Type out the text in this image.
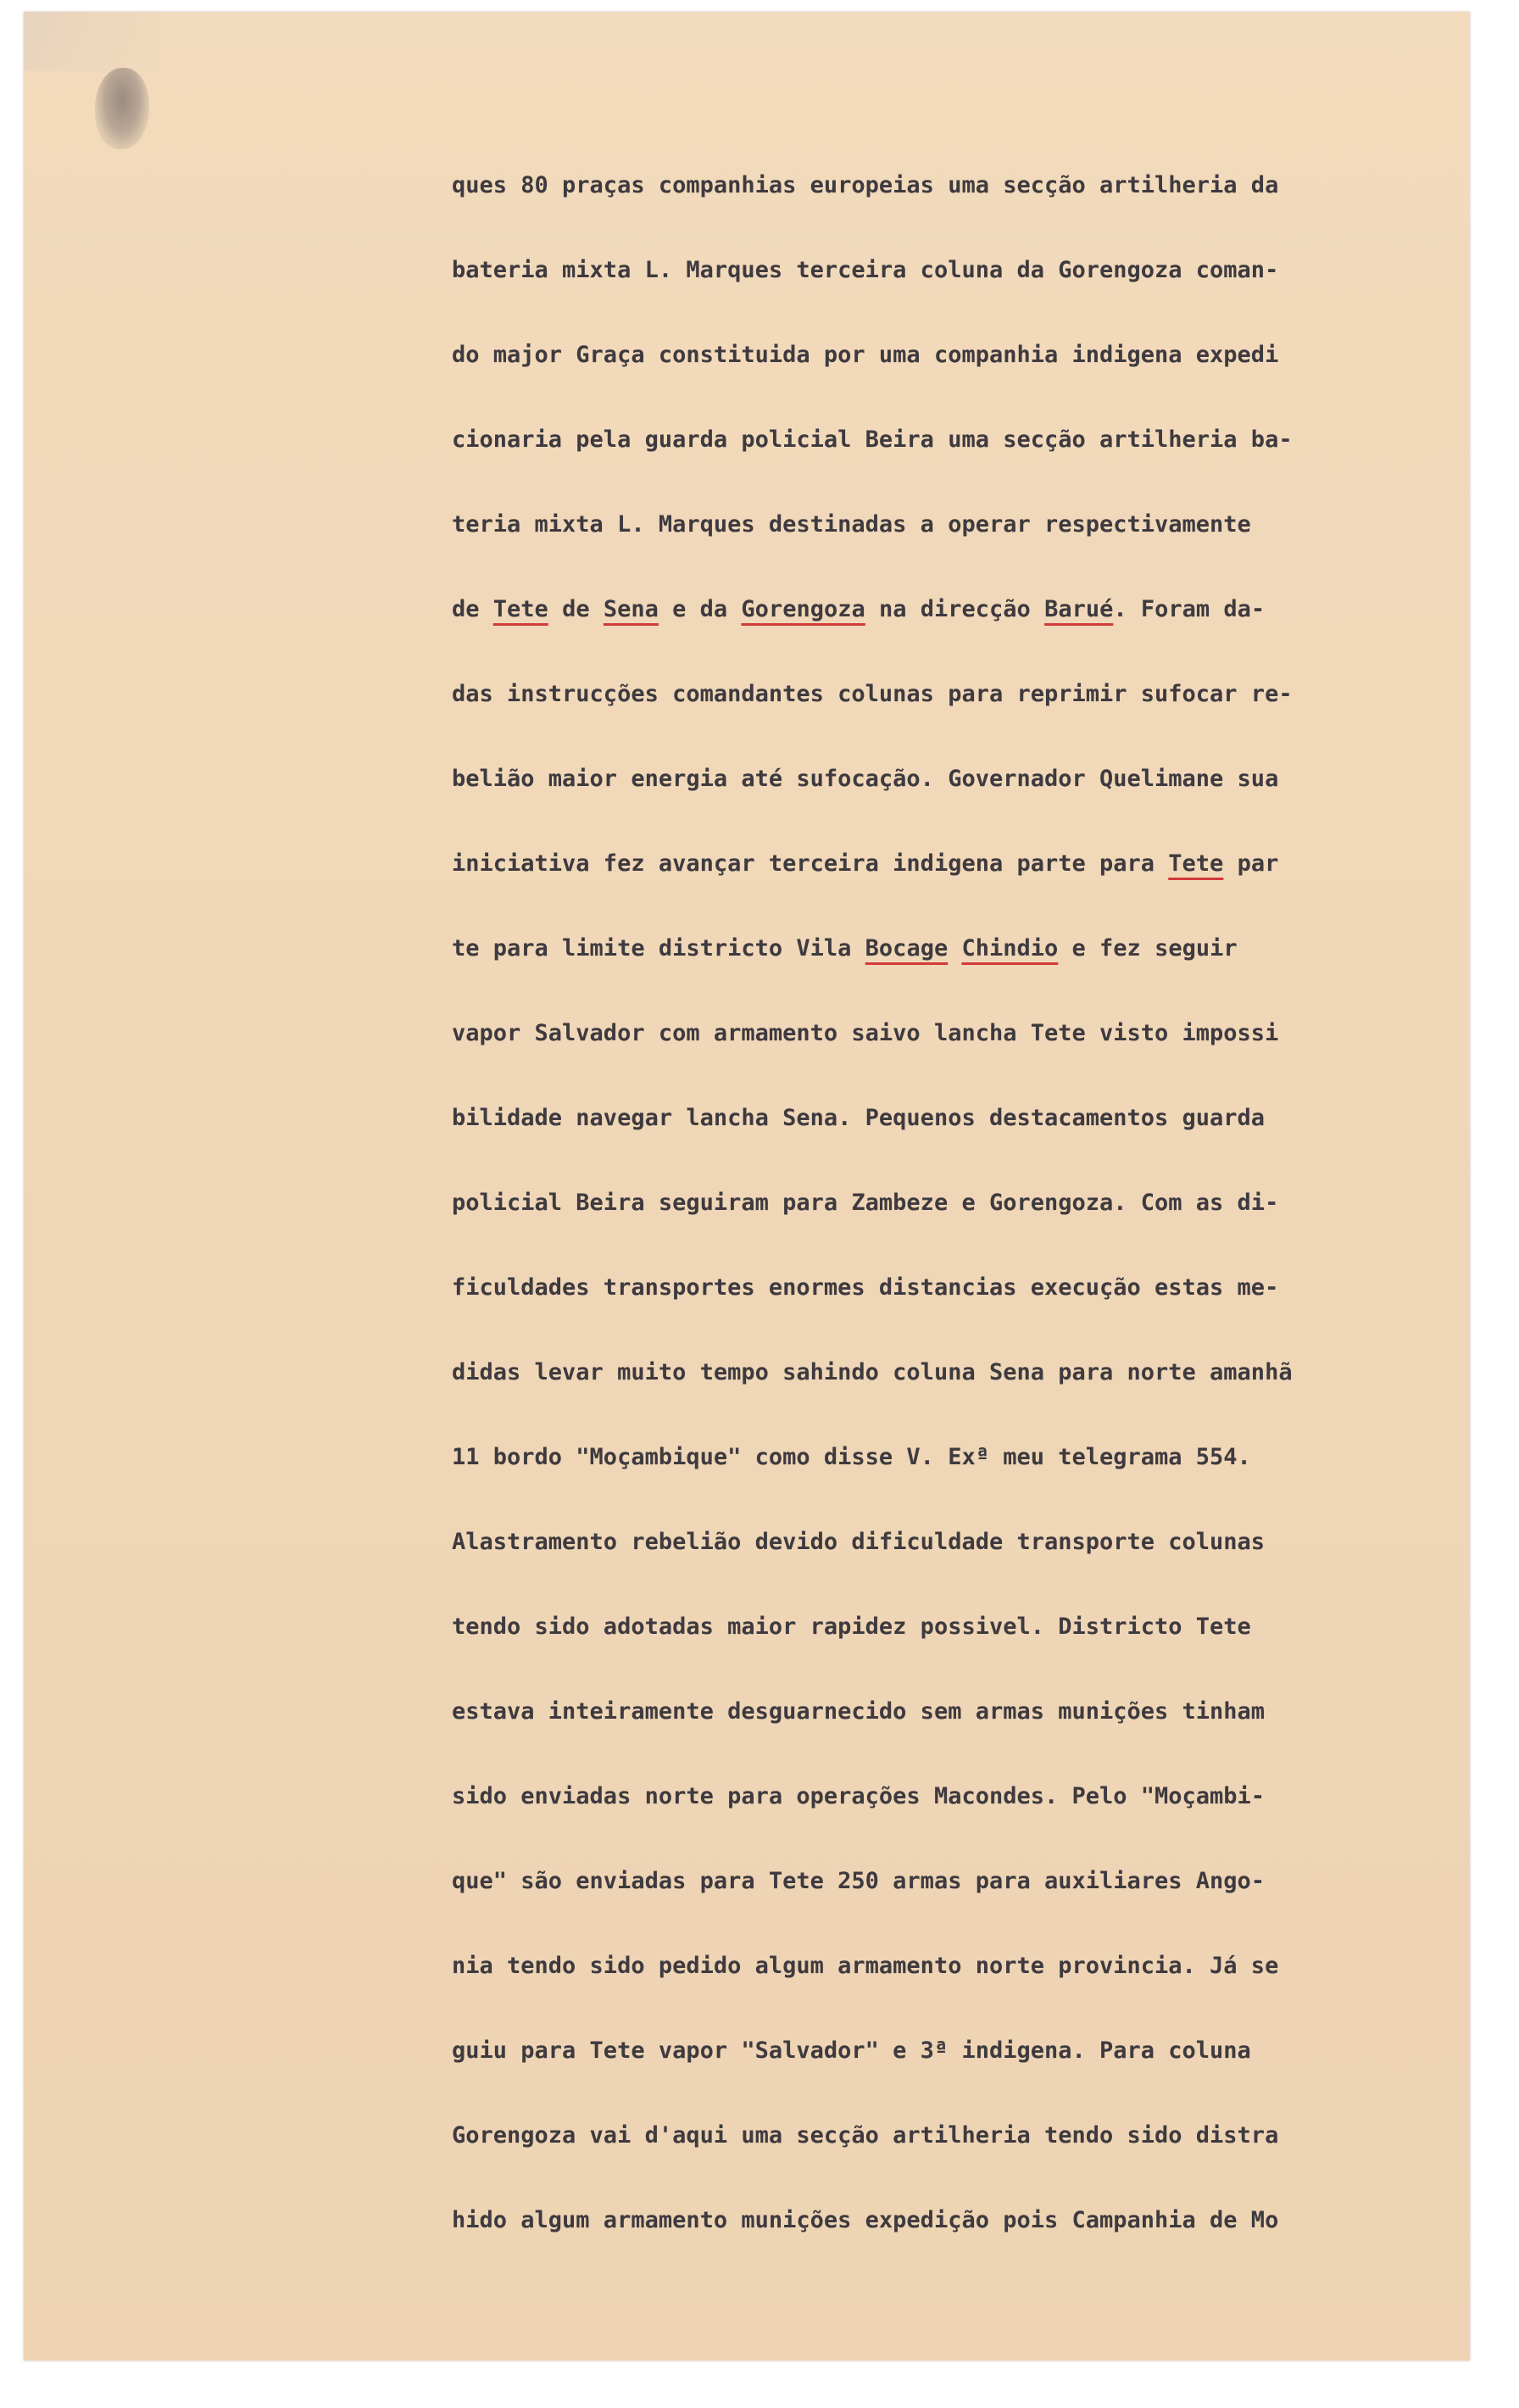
ques 80 praças companhias europeias uma secção artilheria da
bateria mixta L. Marques terceira coluna da Gorengoza coman-
do major Graça constituida por uma companhia indigena expedi
cionaria pela guarda policial Beira uma secção artilheria ba-
teria mixta L. Marques destinadas a operar respectivamente
de Tete de Sena e da Gorengoza na direcção Barué. Foram da-
das instrucções comandantes colunas para reprimir sufocar re-
belião maior energia até sufocação. Governador Quelimane sua
iniciativa fez avançar terceira indigena parte para Tete par
te para limite districto Vila Bocage Chindio e fez seguir
vapor Salvador com armamento saivo lancha Tete visto impossi
bilidade navegar lancha Sena. Pequenos destacamentos guarda
policial Beira seguiram para Zambeze e Gorengoza. Com as di-
ficuldades transportes enormes distancias execução estas me-
didas levar muito tempo sahindo coluna Sena para norte amanhã
11 bordo "Moçambique" como disse V. Exª meu telegrama 554.
Alastramento rebelião devido dificuldade transporte colunas
tendo sido adotadas maior rapidez possivel. Districto Tete
estava inteiramente desguarnecido sem armas munições tinham
sido enviadas norte para operações Macondes. Pelo "Moçambi-
que" são enviadas para Tete 250 armas para auxiliares Ango-
nia tendo sido pedido algum armamento norte provincia. Já se
guiu para Tete vapor "Salvador" e 3ª indigena. Para coluna
Gorengoza vai d'aqui uma secção artilheria tendo sido distra
hido algum armamento munições expedição pois Campanhia de Mo
